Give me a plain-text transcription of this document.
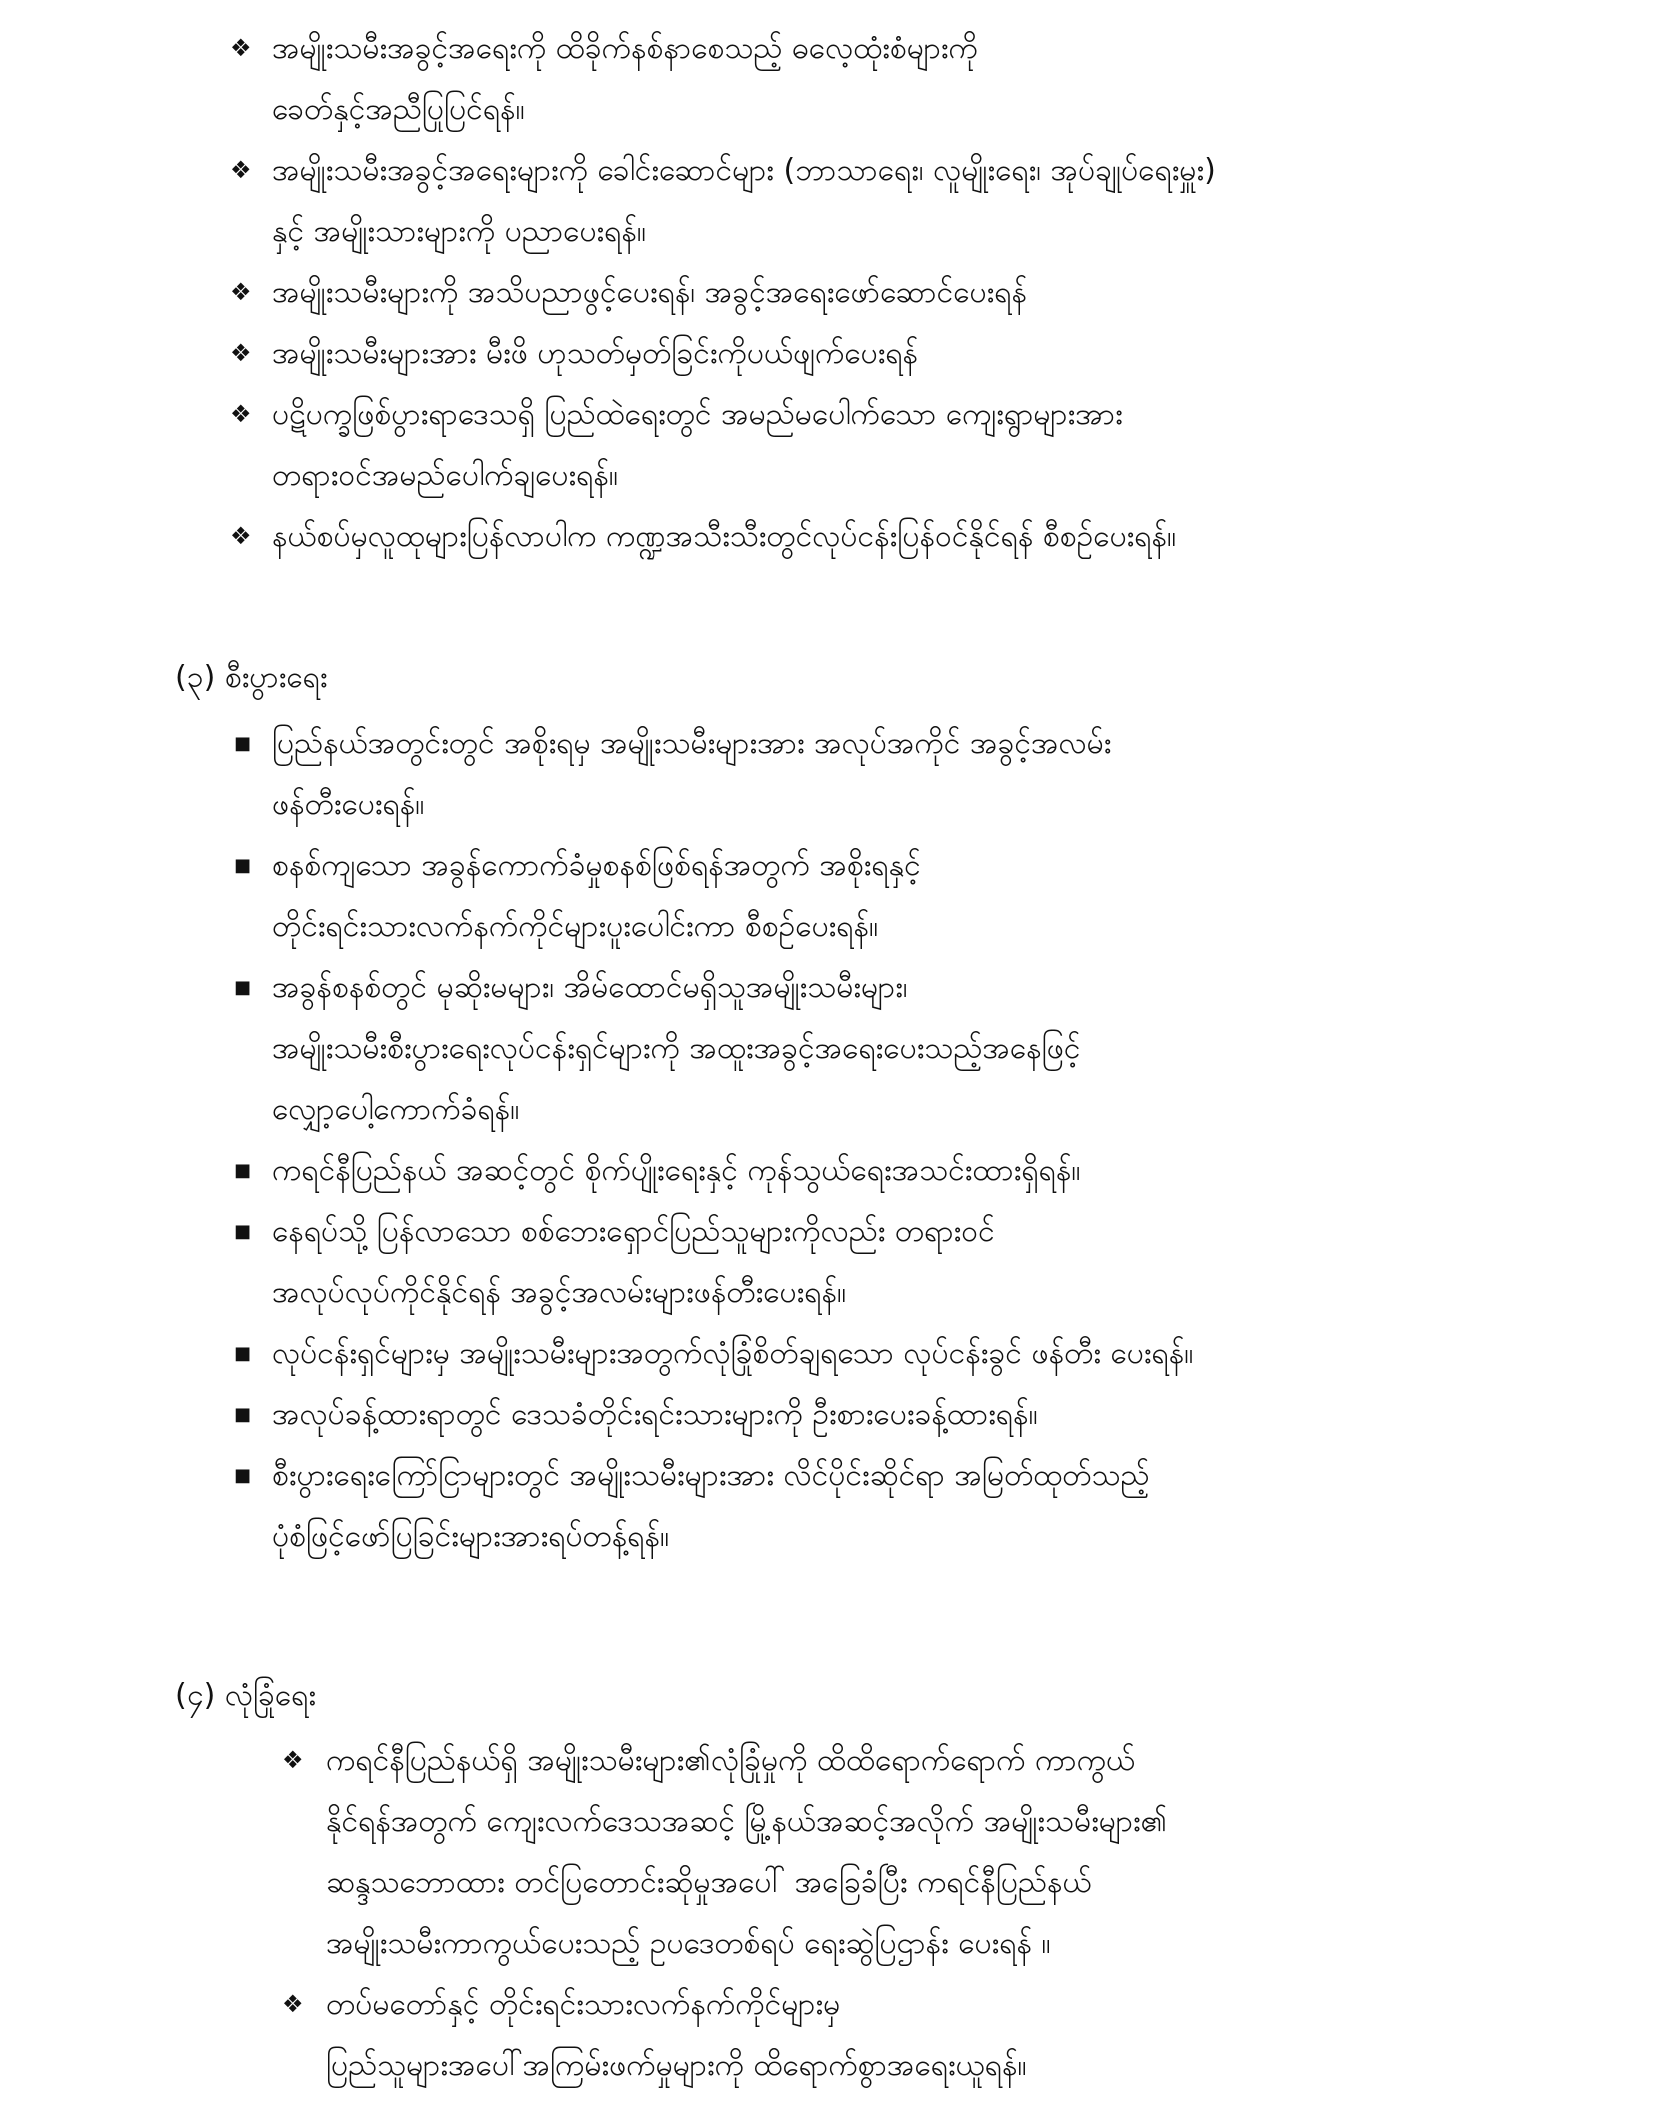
❖ အမျိုးသမီးအခွင့်အရေးကို ထိခိုက်နစ်နာစေသည့် ဓလေ့ထုံးစံများကို
ခေတ်နှင့်အညီပြုပြင်ရန်။
❖ အမျိုးသမီးအခွင့်အရေးများကို ခေါင်းဆောင်များ (ဘာသာရေး၊ လူမျိုးရေး၊ အုပ်ချုပ်ရေးမှူး)
နှင့် အမျိုးသားများကို ပညာပေးရန်။
❖ အမျိုးသမီးများကို အသိပညာဖွင့်ပေးရန်၊ အခွင့်အရေးဖော်ဆောင်ပေးရန်
❖ အမျိုးသမီးများအား မီးဖိ ဟုသတ်မှတ်ခြင်းကိုပယ်ဖျက်ပေးရန်
❖ ပဋိပက္ခဖြစ်ပွားရာဒေသရှိ ပြည်ထဲရေးတွင် အမည်မပေါက်သော ကျေးရွာများအား
တရားဝင်အမည်ပေါက်ချပေးရန်။
❖ နယ်စပ်မှလူထုများပြန်လာပါက ကဏ္ဍအသီးသီးတွင်လုပ်ငန်းပြန်ဝင်နိုင်ရန် စီစဉ်ပေးရန်။
(၃) စီးပွားရေး
■ ပြည်နယ်အတွင်းတွင် အစိုးရမှ အမျိုးသမီးများအား အလုပ်အကိုင် အခွင့်အလမ်း
ဖန်တီးပေးရန်။
■ စနစ်ကျသော အခွန်ကောက်ခံမှုစနစ်ဖြစ်ရန်အတွက် အစိုးရနှင့်
တိုင်းရင်းသားလက်နက်ကိုင်များပူးပေါင်းကာ စီစဉ်ပေးရန်။
■ အခွန်စနစ်တွင် မုဆိုးမများ၊ အိမ်ထောင်မရှိသူအမျိုးသမီးများ၊
အမျိုးသမီးစီးပွားရေးလုပ်ငန်းရှင်များကို အထူးအခွင့်အရေးပေးသည့်အနေဖြင့်
လျှော့ပေါ့ကောက်ခံရန်။
■ ကရင်နီပြည်နယ် အဆင့်တွင် စိုက်ပျိုးရေးနှင့် ကုန်သွယ်ရေးအသင်းထားရှိရန်။
■ နေရပ်သို့ ပြန်လာသော စစ်ဘေးရှောင်ပြည်သူများကိုလည်း တရားဝင်
အလုပ်လုပ်ကိုင်နိုင်ရန် အခွင့်အလမ်းများဖန်တီးပေးရန်။
■ လုပ်ငန်းရှင်များမှ အမျိုးသမီးများအတွက်လုံခြုံစိတ်ချရသော လုပ်ငန်းခွင် ဖန်တီး ပေးရန်။
■ အလုပ်ခန့်ထားရာတွင် ဒေသခံတိုင်းရင်းသားများကို ဦးစားပေးခန့်ထားရန်။
■ စီးပွားရေးကြော်ငြာများတွင် အမျိုးသမီးများအား လိင်ပိုင်းဆိုင်ရာ အမြတ်ထုတ်သည့်
ပုံစံဖြင့်ဖော်ပြခြင်းများအားရပ်တန့်ရန်။
(၄) လုံခြုံရေး
❖ ကရင်နီပြည်နယ်ရှိ အမျိုးသမီးများ၏လုံခြုံမှုကို ထိထိရောက်ရောက် ကာကွယ်
နိုင်ရန်အတွက် ကျေးလက်ဒေသအဆင့် မြို့နယ်အဆင့်အလိုက် အမျိုးသမီးများ၏
ဆန္ဒသဘောထား တင်ပြတောင်းဆိုမှုအပေါ် အခြေခံပြီး ကရင်နီပြည်နယ်
အမျိုးသမီးကာကွယ်ပေးသည့် ဥပဒေတစ်ရပ် ရေးဆွဲပြဌာန်း ပေးရန် ။
❖ တပ်မတော်နှင့် တိုင်းရင်းသားလက်နက်ကိုင်များမှ
ပြည်သူများအပေါ်အကြမ်းဖက်မှုများကို ထိရောက်စွာအရေးယူရန်။
